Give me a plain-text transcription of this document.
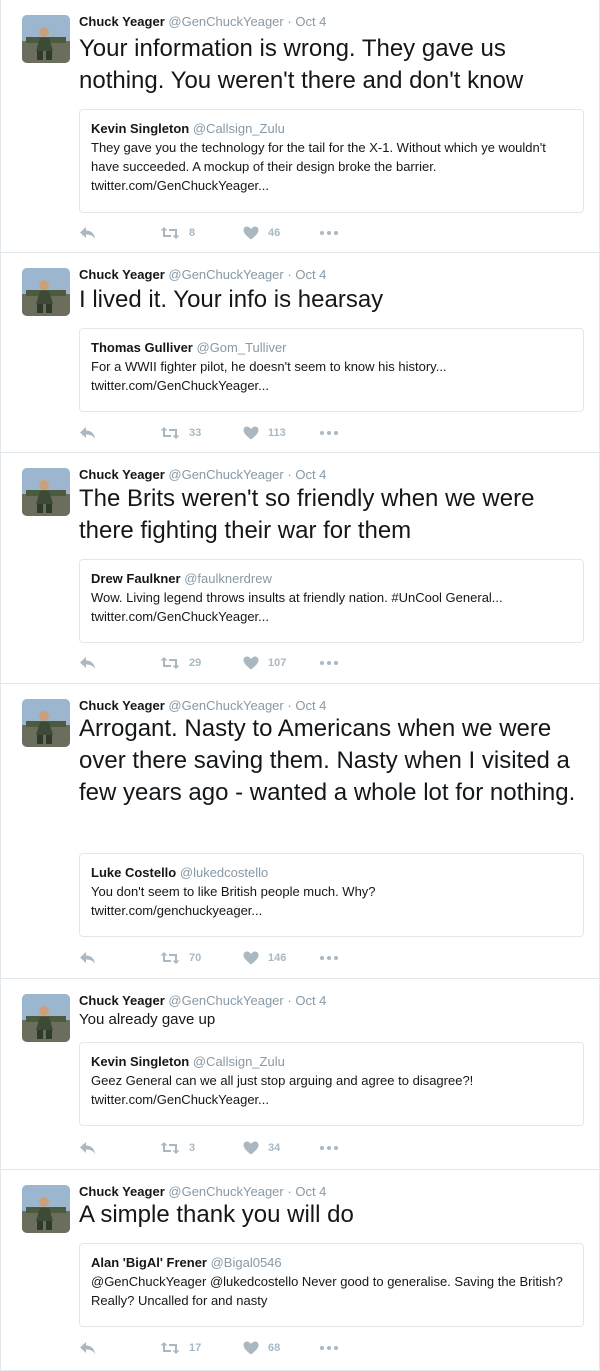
Chuck Yeager @GenChuckYeager · Oct 4
Your information is wrong. They gave us nothing. You weren't there and don't know
Kevin Singleton @Callsign_Zulu
They gave you the technology for the tail for the X-1. Without which ye wouldn't have succeeded. A mockup of their design broke the barrier.
twitter.com/GenChuckYeager...
8	46
Chuck Yeager @GenChuckYeager · Oct 4
I lived it. Your info is hearsay
Thomas Gulliver @Gom_Tulliver
For a WWII fighter pilot, he doesn't seem to know his history...
twitter.com/GenChuckYeager...
33	113
Chuck Yeager @GenChuckYeager · Oct 4
The Brits weren't so friendly when we were there fighting their war for them
Drew Faulkner @faulknerdrew
Wow. Living legend throws insults at friendly nation. #UnCool General...
twitter.com/GenChuckYeager...
29	107
Chuck Yeager @GenChuckYeager · Oct 4
Arrogant. Nasty to Americans when we were over there saving them. Nasty when I visited a few years ago - wanted a whole lot for nothing.
Luke Costello @lukedcostello
You don't seem to like British people much. Why?
twitter.com/genchuckyeager...
70	146
Chuck Yeager @GenChuckYeager · Oct 4
You already gave up
Kevin Singleton @Callsign_Zulu
Geez General can we all just stop arguing and agree to disagree?!
twitter.com/GenChuckYeager...
3	34
Chuck Yeager @GenChuckYeager · Oct 4
A simple thank you will do
Alan 'BigAl' Frener @Bigal0546
@GenChuckYeager @lukedcostello Never good to generalise. Saving the British?Really? Uncalled for and nasty
17	68
